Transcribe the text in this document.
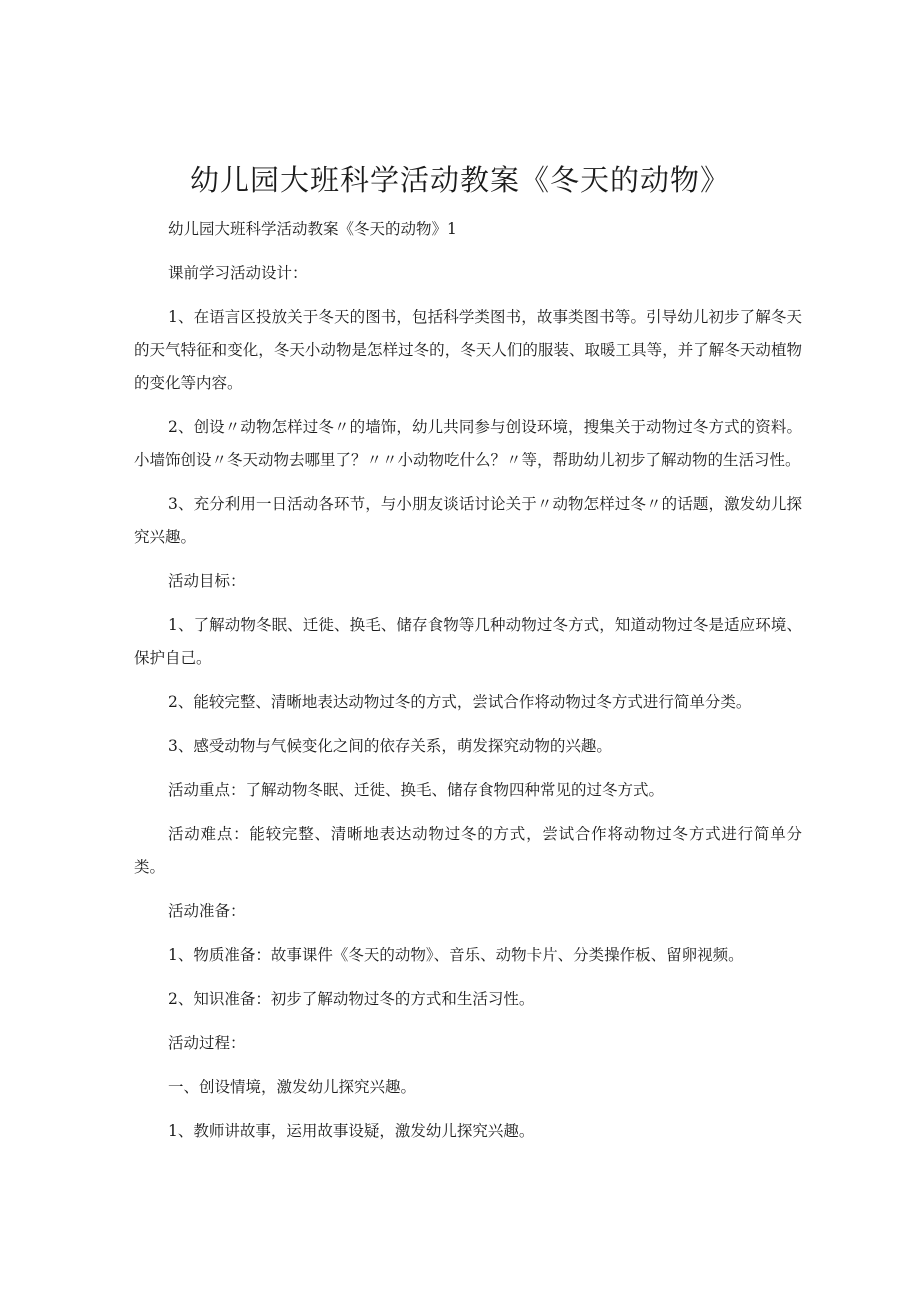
幼儿园大班科学活动教案《冬天的动物》

幼儿园大班科学活动教案《冬天的动物》1

课前学习活动设计：

1、在语言区投放关于冬天的图书，包括科学类图书，故事类图书等。引导幼儿初步了解冬天的天气特征和变化，冬天小动物是怎样过冬的，冬天人们的服装、取暖工具等，并了解冬天动植物的变化等内容。

2、创设〃动物怎样过冬〃的墙饰，幼儿共同参与创设环境，搜集关于动物过冬方式的资料。小墙饰创设〃冬天动物去哪里了？〃〃小动物吃什么？〃等，帮助幼儿初步了解动物的生活习性。

3、充分利用一日活动各环节，与小朋友谈话讨论关于〃动物怎样过冬〃的话题，激发幼儿探究兴趣。

活动目标：

1、了解动物冬眠、迁徙、换毛、储存食物等几种动物过冬方式，知道动物过冬是适应环境、保护自己。

2、能较完整、清晰地表达动物过冬的方式，尝试合作将动物过冬方式进行简单分类。

3、感受动物与气候变化之间的依存关系，萌发探究动物的兴趣。

活动重点：了解动物冬眠、迁徙、换毛、储存食物四种常见的过冬方式。

活动难点：能较完整、清晰地表达动物过冬的方式，尝试合作将动物过冬方式进行简单分类。

活动准备：

1、物质准备：故事课件《冬天的动物》、音乐、动物卡片、分类操作板、留卵视频。

2、知识准备：初步了解动物过冬的方式和生活习性。

活动过程：

一、创设情境，激发幼儿探究兴趣。

1、教师讲故事，运用故事设疑，激发幼儿探究兴趣。
